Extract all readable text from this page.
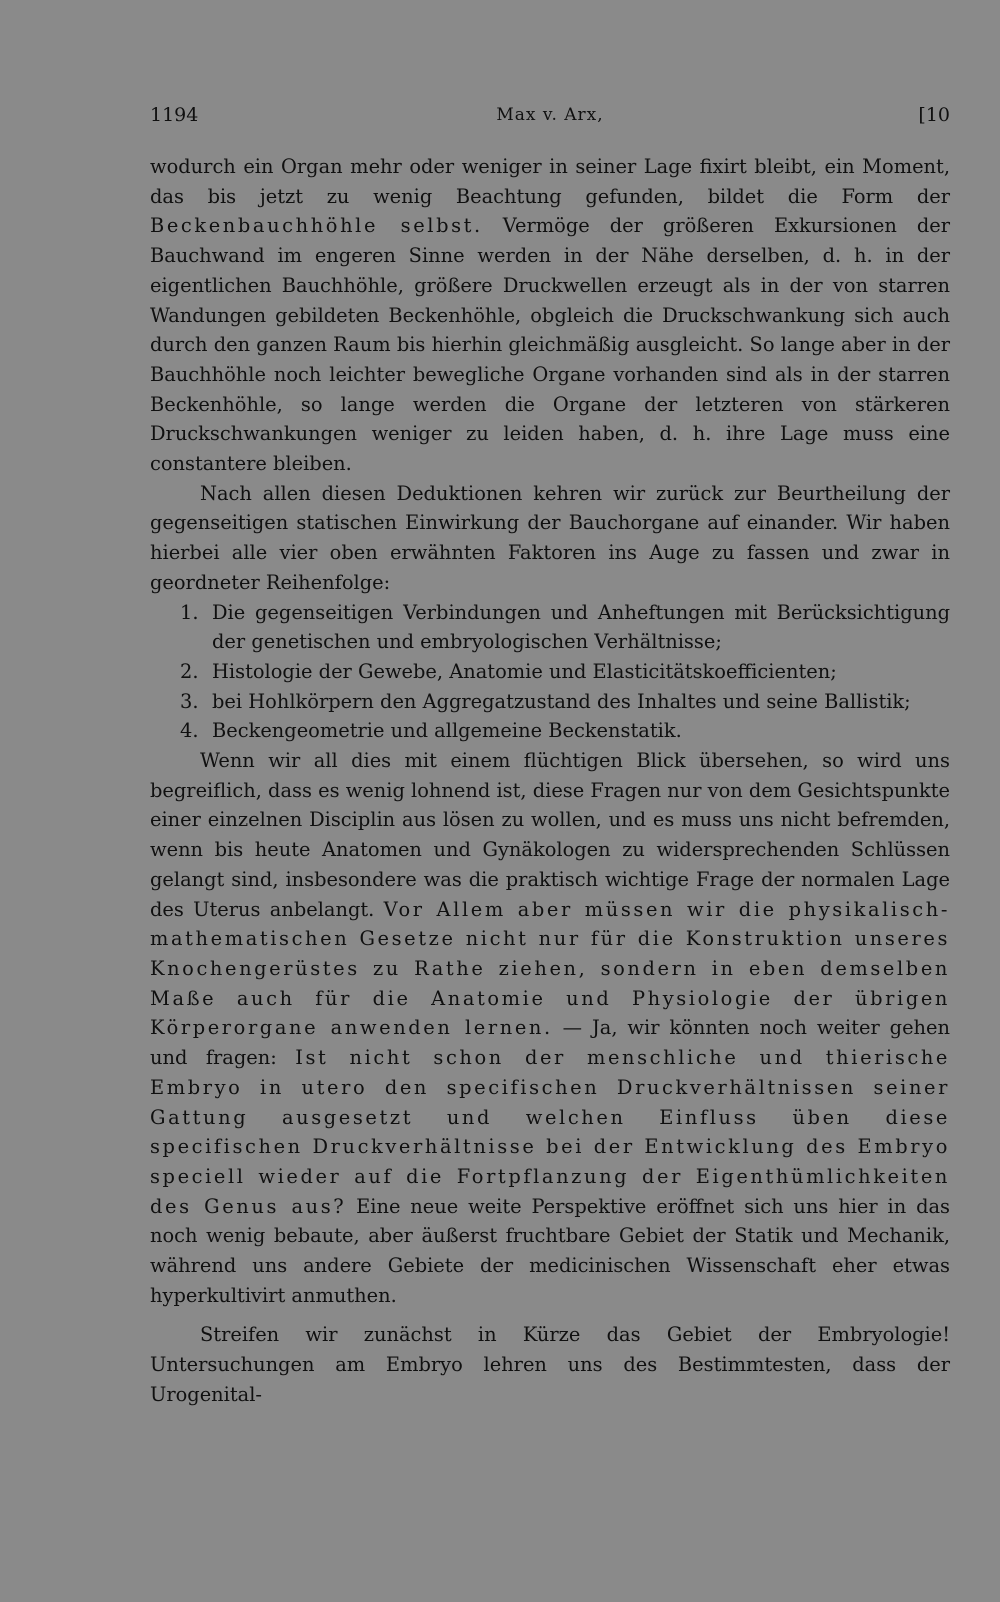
1194	Max v. Arx,	[10

wodurch ein Organ mehr oder weniger in seiner Lage fixirt bleibt, ein Moment, das bis jetzt zu wenig Beachtung gefunden, bildet die Form der Beckenbauchhöhle selbst. Vermöge der größeren Exkursionen der Bauchwand im engeren Sinne werden in der Nähe derselben, d. h. in der eigentlichen Bauchhöhle, größere Druckwellen erzeugt als in der von starren Wandungen gebildeten Beckenhöhle, obgleich die Druckschwankung sich auch durch den ganzen Raum bis hierhin gleichmäßig ausgleicht. So lange aber in der Bauchhöhle noch leichter bewegliche Organe vorhanden sind als in der starren Beckenhöhle, so lange werden die Organe der letzteren von stärkeren Druckschwankungen weniger zu leiden haben, d. h. ihre Lage muss eine constantere bleiben.

Nach allen diesen Deduktionen kehren wir zurück zur Beurtheilung der gegenseitigen statischen Einwirkung der Bauchorgane auf einander. Wir haben hierbei alle vier oben erwähnten Faktoren ins Auge zu fassen und zwar in geordneter Reihenfolge:

1. Die gegenseitigen Verbindungen und Anheftungen mit Berücksichtigung der genetischen und embryologischen Verhältnisse;
2. Histologie der Gewebe, Anatomie und Elasticitätskoefficienten;
3. bei Hohlkörpern den Aggregatzustand des Inhaltes und seine Ballistik;
4. Beckengeometrie und allgemeine Beckenstatik.

Wenn wir all dies mit einem flüchtigen Blick übersehen, so wird uns begreiflich, dass es wenig lohnend ist, diese Fragen nur von dem Gesichtspunkte einer einzelnen Disciplin aus lösen zu wollen, und es muss uns nicht befremden, wenn bis heute Anatomen und Gynäkologen zu widersprechenden Schlüssen gelangt sind, insbesondere was die praktisch wichtige Frage der normalen Lage des Uterus anbelangt. Vor Allem aber müssen wir die physikalisch-mathematischen Gesetze nicht nur für die Konstruktion unseres Knochengerüstes zu Rathe ziehen, sondern in eben demselben Maße auch für die Anatomie und Physiologie der übrigen Körperorgane anwenden lernen. — Ja, wir könnten noch weiter gehen und fragen: Ist nicht schon der menschliche und thierische Embryo in utero den specifischen Druckverhältnissen seiner Gattung ausgesetzt und welchen Einfluss üben diese specifischen Druckverhältnisse bei der Entwicklung des Embryo speciell wieder auf die Fortpflanzung der Eigenthümlichkeiten des Genus aus? Eine neue weite Perspektive eröffnet sich uns hier in das noch wenig bebaute, aber äußerst fruchtbare Gebiet der Statik und Mechanik, während uns andere Gebiete der medicinischen Wissenschaft eher etwas hyperkultivirt anmuthen.

Streifen wir zunächst in Kürze das Gebiet der Embryologie! Untersuchungen am Embryo lehren uns des Bestimmtesten, dass der Urogenital-
